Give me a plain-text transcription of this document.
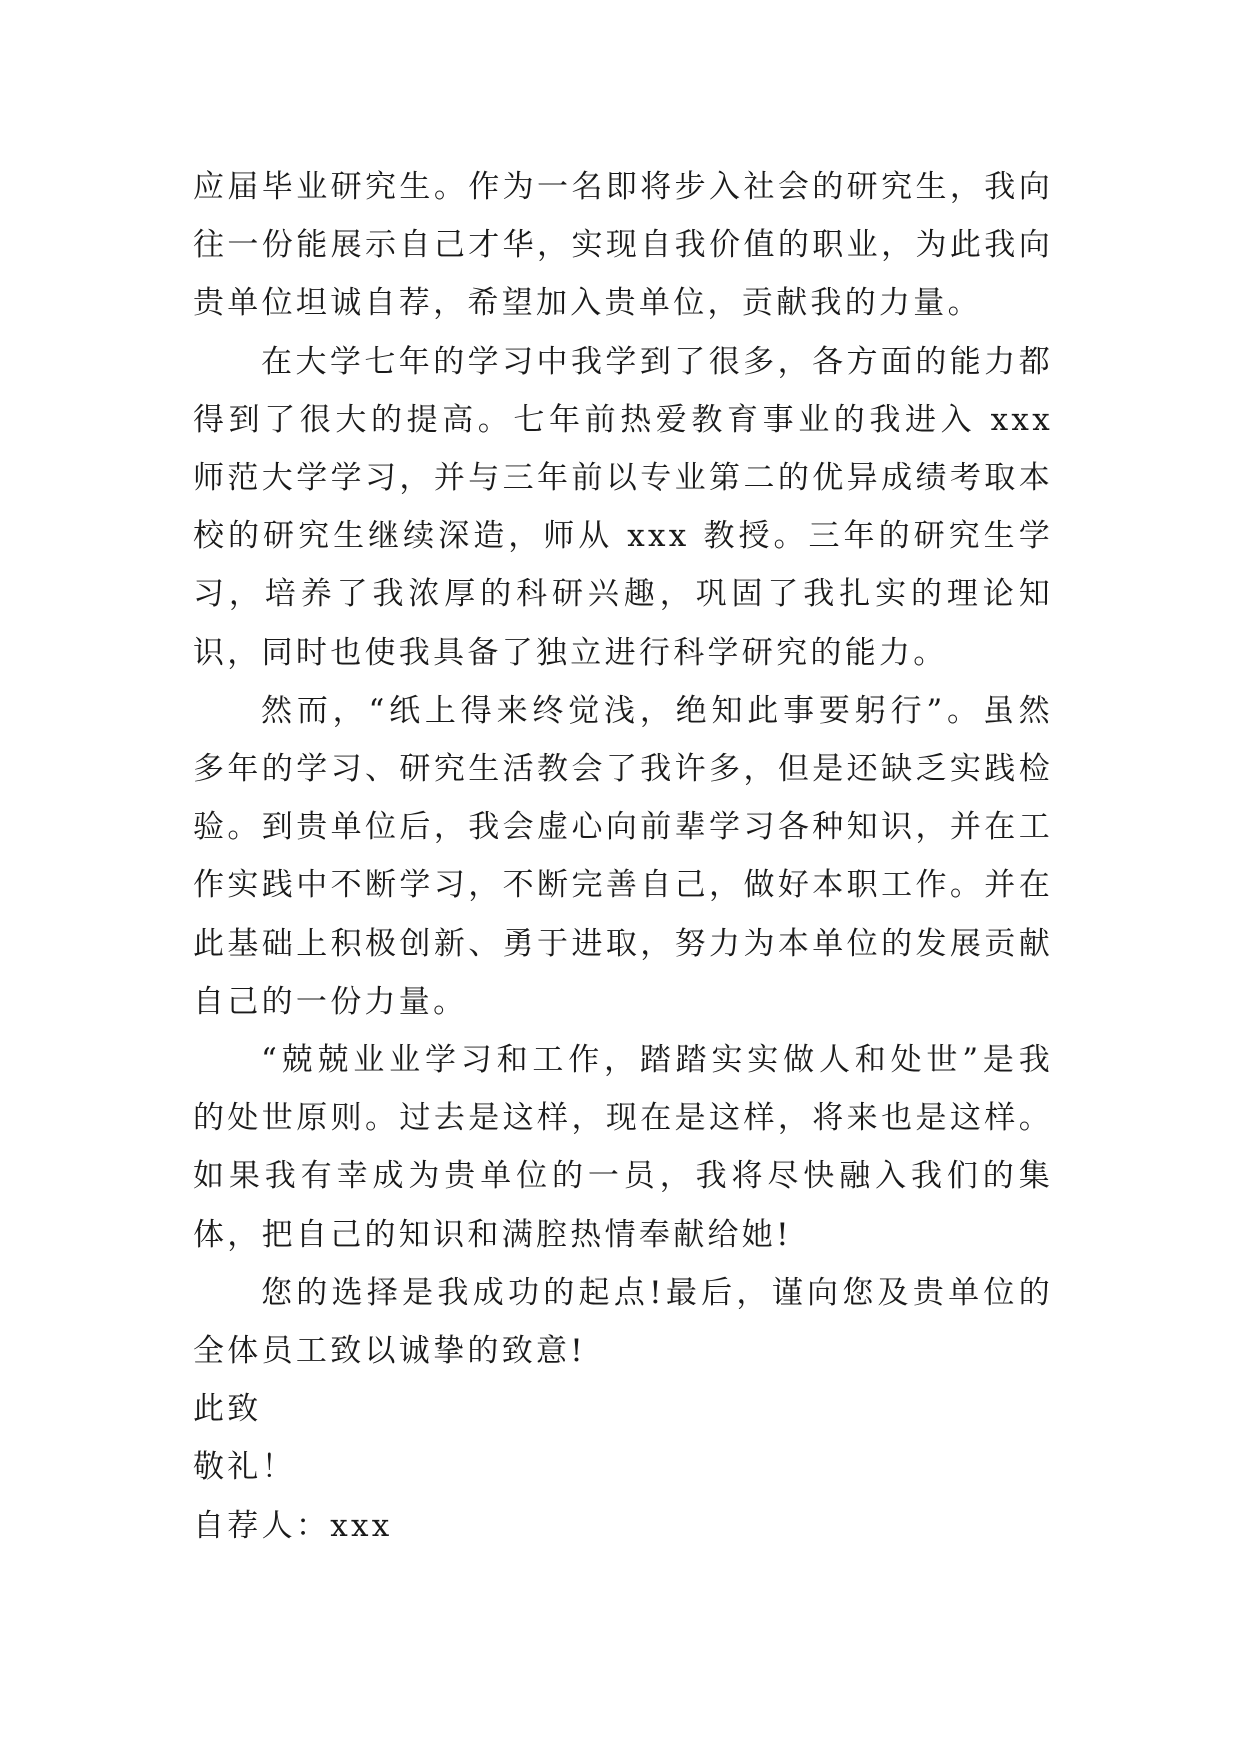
应届毕业研究生。作为一名即将步入社会的研究生，我向往一份能展示自己才华，实现自我价值的职业，为此我向贵单位坦诚自荐，希望加入贵单位，贡献我的力量。

在大学七年的学习中我学到了很多，各方面的能力都得到了很大的提高。七年前热爱教育事业的我进入 xxx 师范大学学习，并与三年前以专业第二的优异成绩考取本校的研究生继续深造，师从 xxx 教授。三年的研究生学习，培养了我浓厚的科研兴趣，巩固了我扎实的理论知识，同时也使我具备了独立进行科学研究的能力。

然而，“纸上得来终觉浅，绝知此事要躬行”。虽然多年的学习、研究生活教会了我许多，但是还缺乏实践检验。到贵单位后，我会虚心向前辈学习各种知识，并在工作实践中不断学习，不断完善自己，做好本职工作。并在此基础上积极创新、勇于进取，努力为本单位的发展贡献自己的一份力量。

“兢兢业业学习和工作，踏踏实实做人和处世”是我的处世原则。过去是这样，现在是这样，将来也是这样。如果我有幸成为贵单位的一员，我将尽快融入我们的集体，把自己的知识和满腔热情奉献给她!

您的选择是我成功的起点!最后，谨向您及贵单位的全体员工致以诚挚的致意!

此致

敬礼！

自荐人：xxx
